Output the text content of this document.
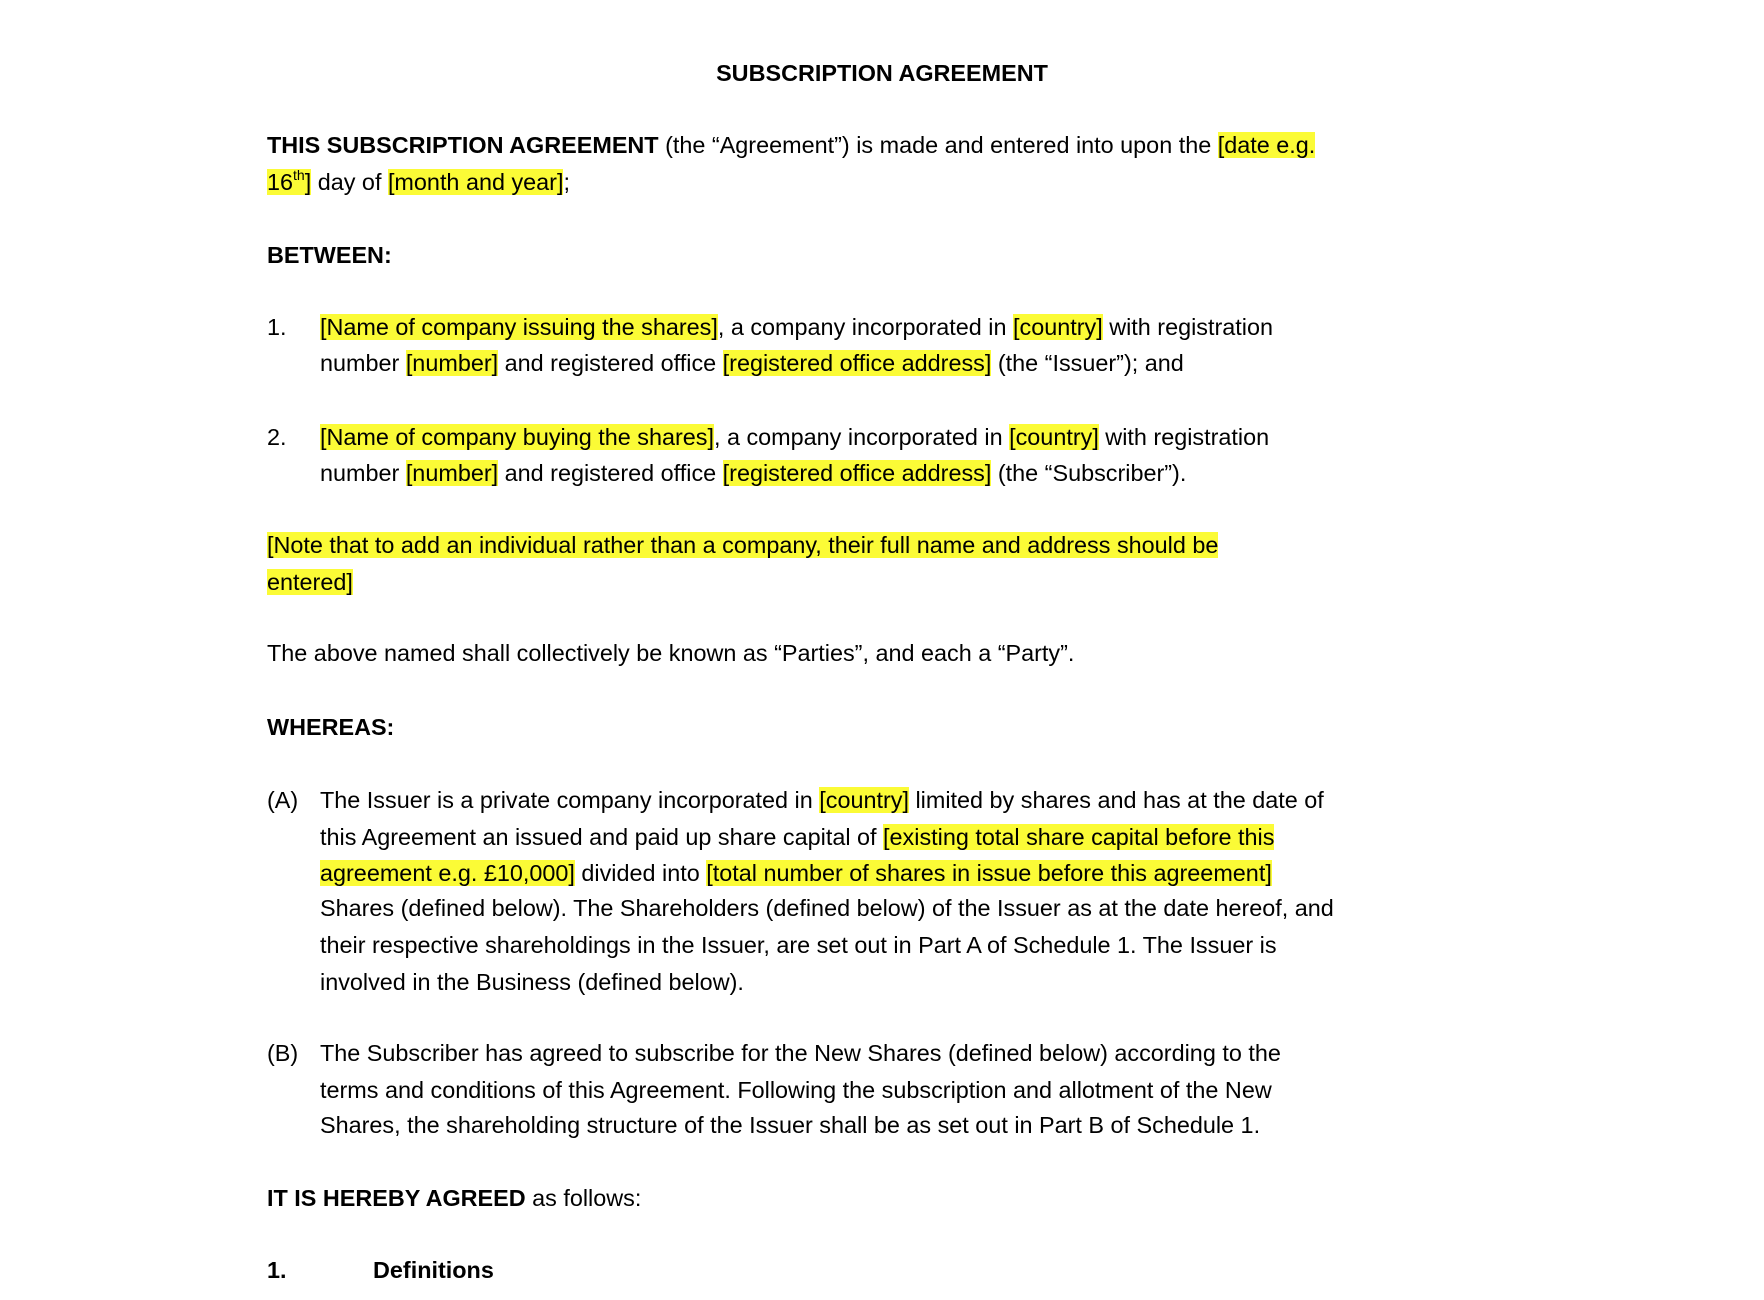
SUBSCRIPTION AGREEMENT
THIS SUBSCRIPTION AGREEMENT (the “Agreement”) is made and entered into upon the [date e.g.
16th] day of [month and year];
BETWEEN:
1. [Name of company issuing the shares], a company incorporated in [country] with registration
number [number] and registered office [registered office address] (the “Issuer”); and
2. [Name of company buying the shares], a company incorporated in [country] with registration
number [number] and registered office [registered office address] (the “Subscriber”).
[Note that to add an individual rather than a company, their full name and address should be
entered]
The above named shall collectively be known as “Parties”, and each a “Party”.
WHEREAS:
(A) The Issuer is a private company incorporated in [country] limited by shares and has at the date of
this Agreement an issued and paid up share capital of [existing total share capital before this
agreement e.g. £10,000] divided into [total number of shares in issue before this agreement]
Shares (defined below). The Shareholders (defined below) of the Issuer as at the date hereof, and
their respective shareholdings in the Issuer, are set out in Part A of Schedule 1. The Issuer is
involved in the Business (defined below).
(B) The Subscriber has agreed to subscribe for the New Shares (defined below) according to the
terms and conditions of this Agreement. Following the subscription and allotment of the New
Shares, the shareholding structure of the Issuer shall be as set out in Part B of Schedule 1.
IT IS HEREBY AGREED as follows:
1.	Definitions
